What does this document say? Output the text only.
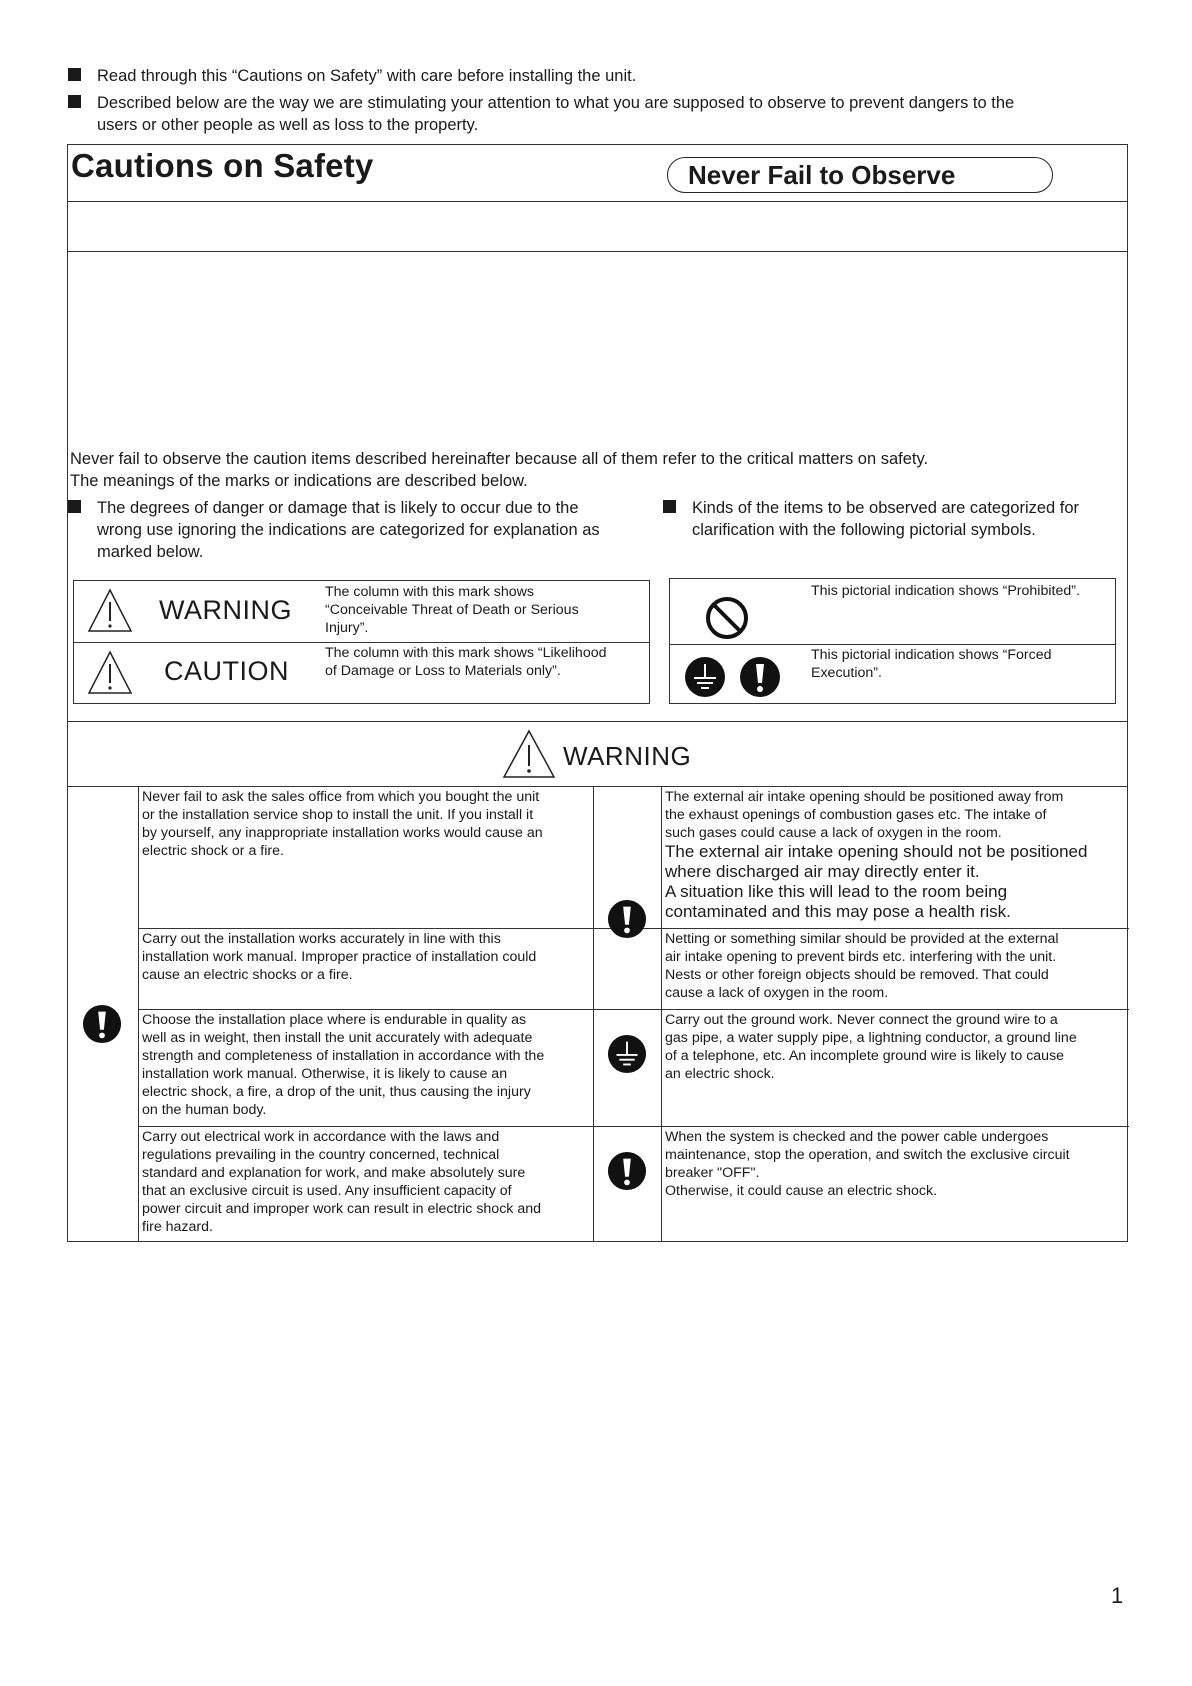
Read through this “Cautions on Safety” with care before installing the unit.
Described below are the way we are stimulating your attention to what you are supposed to observe to prevent dangers to the
users or other people as well as loss to the property.
Cautions on Safety	Never Fail to Observe
Never fail to observe the caution items described hereinafter because all of them refer to the critical matters on safety.
The meanings of the marks or indications are described below.
The degrees of danger or damage that is likely to occur due to the
wrong use ignoring the indications are categorized for explanation as
marked below.
Kinds of the items to be observed are categorized for
clarification with the following pictorial symbols.
WARNING
The column with this mark shows
“Conceivable Threat of Death or Serious
Injury”.
CAUTION
The column with this mark shows “Likelihood
of Damage or Loss to Materials only”.
This pictorial indication shows “Prohibited”.
This pictorial indication shows “Forced
Execution”.
WARNING
Never fail to ask the sales office from which you bought the unit
or the installation service shop to install the unit. If you install it
by yourself, any inappropriate installation works would cause an
electric shock or a fire.
Carry out the installation works accurately in line with this
installation work manual. Improper practice of installation could
cause an electric shocks or a fire.
Choose the installation place where is endurable in quality as
well as in weight, then install the unit accurately with adequate
strength and completeness of installation in accordance with the
installation work manual. Otherwise, it is likely to cause an
electric shock, a fire, a drop of the unit, thus causing the injury
on the human body.
Carry out electrical work in accordance with the laws and
regulations prevailing in the country concerned, technical
standard and explanation for work, and make absolutely sure
that an exclusive circuit is used. Any insufficient capacity of
power circuit and improper work can result in electric shock and
fire hazard.
The external air intake opening should be positioned away from
the exhaust openings of combustion gases etc. The intake of
such gases could cause a lack of oxygen in the room.
The external air intake opening should not be positioned
where discharged air may directly enter it.
A situation like this will lead to the room being
contaminated and this may pose a health risk.
Netting or something similar should be provided at the external
air intake opening to prevent birds etc. interfering with the unit.
Nests or other foreign objects should be removed. That could
cause a lack of oxygen in the room.
Carry out the ground work. Never connect the ground wire to a
gas pipe, a water supply pipe, a lightning conductor, a ground line
of a telephone, etc. An incomplete ground wire is likely to cause
an electric shock.
When the system is checked and the power cable undergoes
maintenance, stop the operation, and switch the exclusive circuit
breaker "OFF".
Otherwise, it could cause an electric shock.
1
